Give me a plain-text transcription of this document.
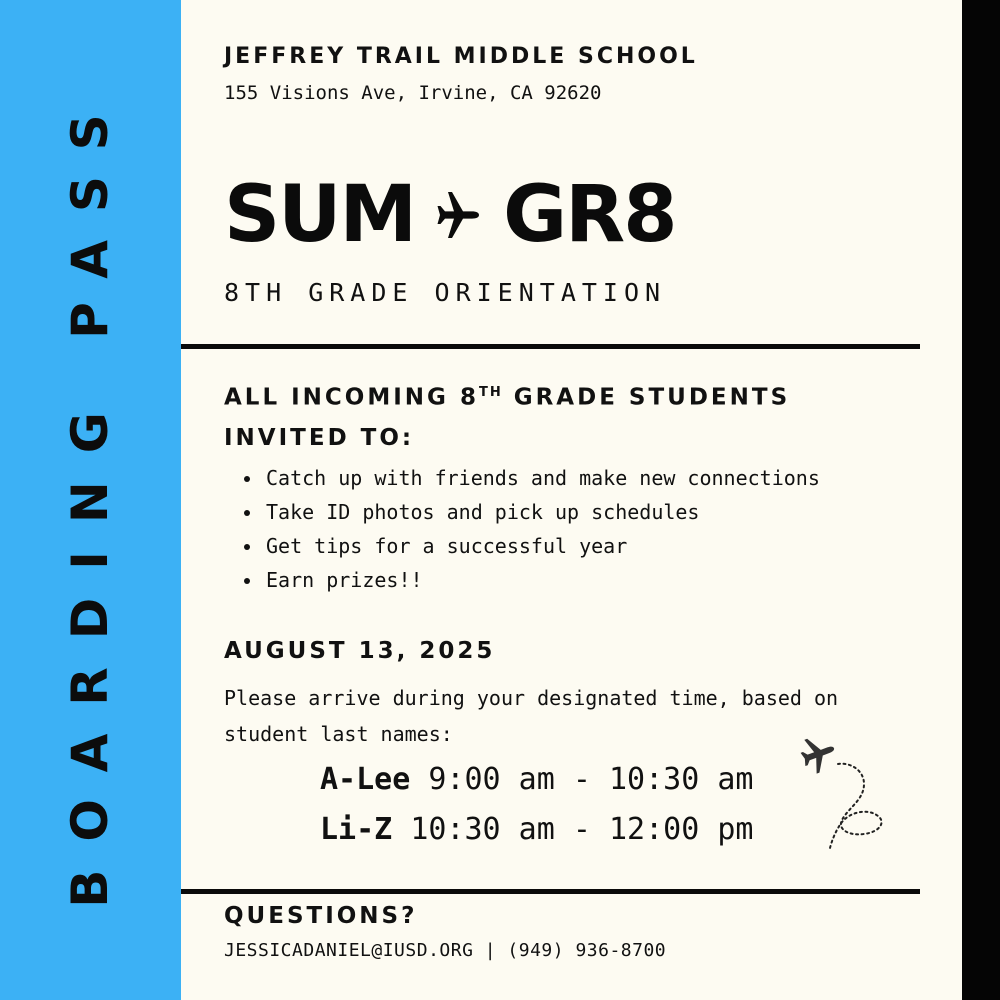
BOARDING PASS
JEFFREY TRAIL MIDDLE SCHOOL
155 Visions Ave, Irvine, CA 92620
SUM GR8
8TH GRADE ORIENTATION
ALL INCOMING 8TH GRADE STUDENTS
INVITED TO:
Catch up with friends and make new connections
Take ID photos and pick up schedules
Get tips for a successful year
Earn prizes!!
AUGUST 13, 2025
Please arrive during your designated time, based on student last names:
A-Lee 9:00 am - 10:30 am
Li-Z 10:30 am - 12:00 pm
QUESTIONS?
JESSICADANIEL@IUSD.ORG | (949) 936-8700
